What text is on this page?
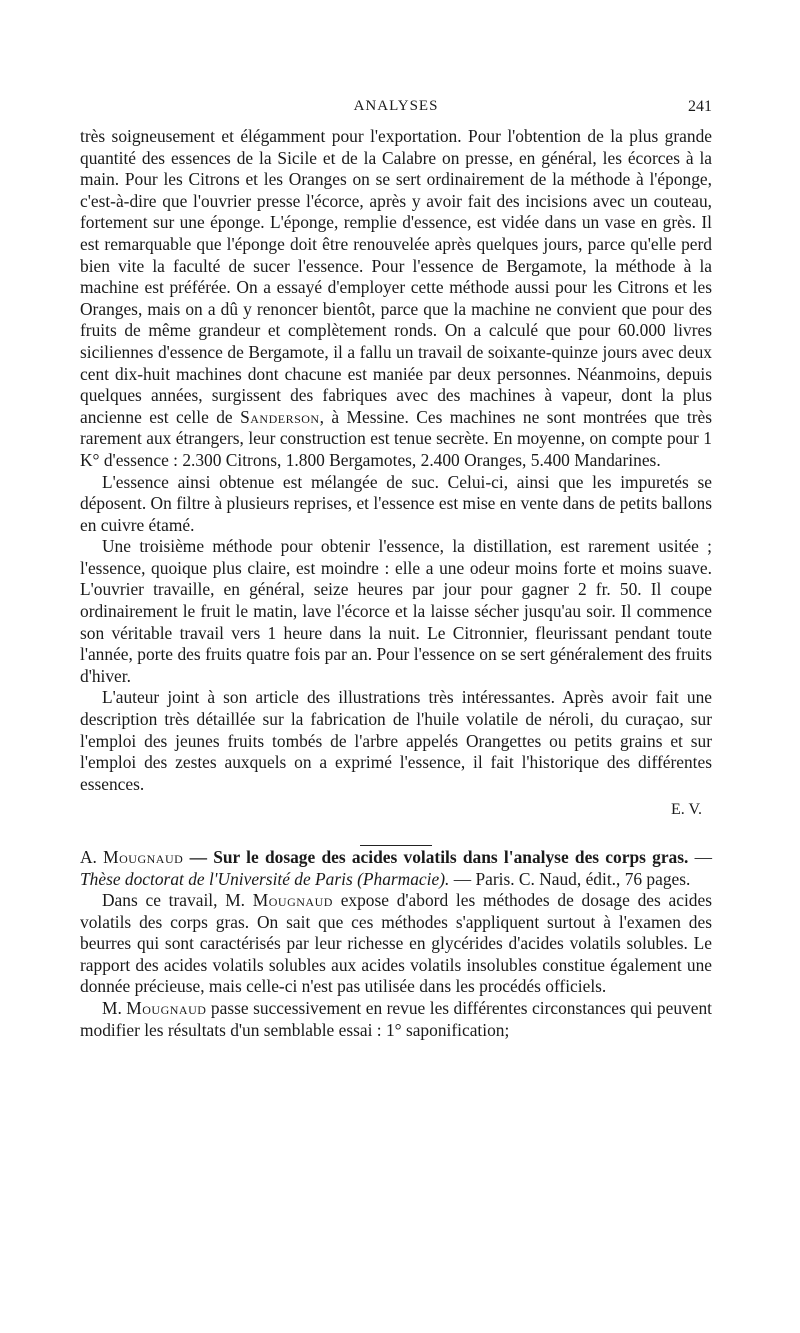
ANALYSES	241

très soigneusement et élégamment pour l'exportation. Pour l'obtention de la plus grande quantité des essences de la Sicile et de la Calabre on presse, en général, les écorces à la main. Pour les Citrons et les Oranges on se sert ordinairement de la méthode à l'éponge, c'est-à-dire que l'ouvrier presse l'écorce, après y avoir fait des incisions avec un couteau, fortement sur une éponge. L'éponge, remplie d'essence, est vidée dans un vase en grès. Il est remarquable que l'éponge doit être renouvelée après quelques jours, parce qu'elle perd bien vite la faculté de sucer l'essence. Pour l'essence de Bergamote, la méthode à la machine est préférée. On a essayé d'employer cette méthode aussi pour les Citrons et les Oranges, mais on a dû y renoncer bientôt, parce que la machine ne convient que pour des fruits de même grandeur et complètement ronds. On a calculé que pour 60.000 livres siciliennes d'essence de Bergamote, il a fallu un travail de soixante-quinze jours avec deux cent dix-huit machines dont chacune est maniée par deux personnes. Néanmoins, depuis quelques années, surgissent des fabriques avec des machines à vapeur, dont la plus ancienne est celle de Sanderson, à Messine. Ces machines ne sont montrées que très rarement aux étrangers, leur construction est tenue secrète. En moyenne, on compte pour 1 K° d'essence : 2.300 Citrons, 1.800 Bergamotes, 2.400 Oranges, 5.400 Mandarines.

L'essence ainsi obtenue est mélangée de suc. Celui-ci, ainsi que les impuretés se déposent. On filtre à plusieurs reprises, et l'essence est mise en vente dans de petits ballons en cuivre étamé.

Une troisième méthode pour obtenir l'essence, la distillation, est rarement usitée ; l'essence, quoique plus claire, est moindre : elle a une odeur moins forte et moins suave. L'ouvrier travaille, en général, seize heures par jour pour gagner 2 fr. 50. Il coupe ordinairement le fruit le matin, lave l'écorce et la laisse sécher jusqu'au soir. Il commence son véritable travail vers 1 heure dans la nuit. Le Citronnier, fleurissant pendant toute l'année, porte des fruits quatre fois par an. Pour l'essence on se sert généralement des fruits d'hiver.

L'auteur joint à son article des illustrations très intéressantes. Après avoir fait une description très détaillée sur la fabrication de l'huile volatile de néroli, du curaçao, sur l'emploi des jeunes fruits tombés de l'arbre appelés Orangettes ou petits grains et sur l'emploi des zestes auxquels on a exprimé l'essence, il fait l'historique des différentes essences.

E. V.

A. Mougnaud — Sur le dosage des acides volatils dans l'analyse des corps gras. — Thèse doctorat de l'Université de Paris (Pharmacie). — Paris. C. Naud, édit., 76 pages.

Dans ce travail, M. Mougnaud expose d'abord les méthodes de dosage des acides volatils des corps gras. On sait que ces méthodes s'appliquent surtout à l'examen des beurres qui sont caractérisés par leur richesse en glycérides d'acides volatils solubles. Le rapport des acides volatils solubles aux acides volatils insolubles constitue également une donnée précieuse, mais celle-ci n'est pas utilisée dans les procédés officiels.

M. Mougnaud passe successivement en revue les différentes circonstances qui peuvent modifier les résultats d'un semblable essai : 1° saponification;
